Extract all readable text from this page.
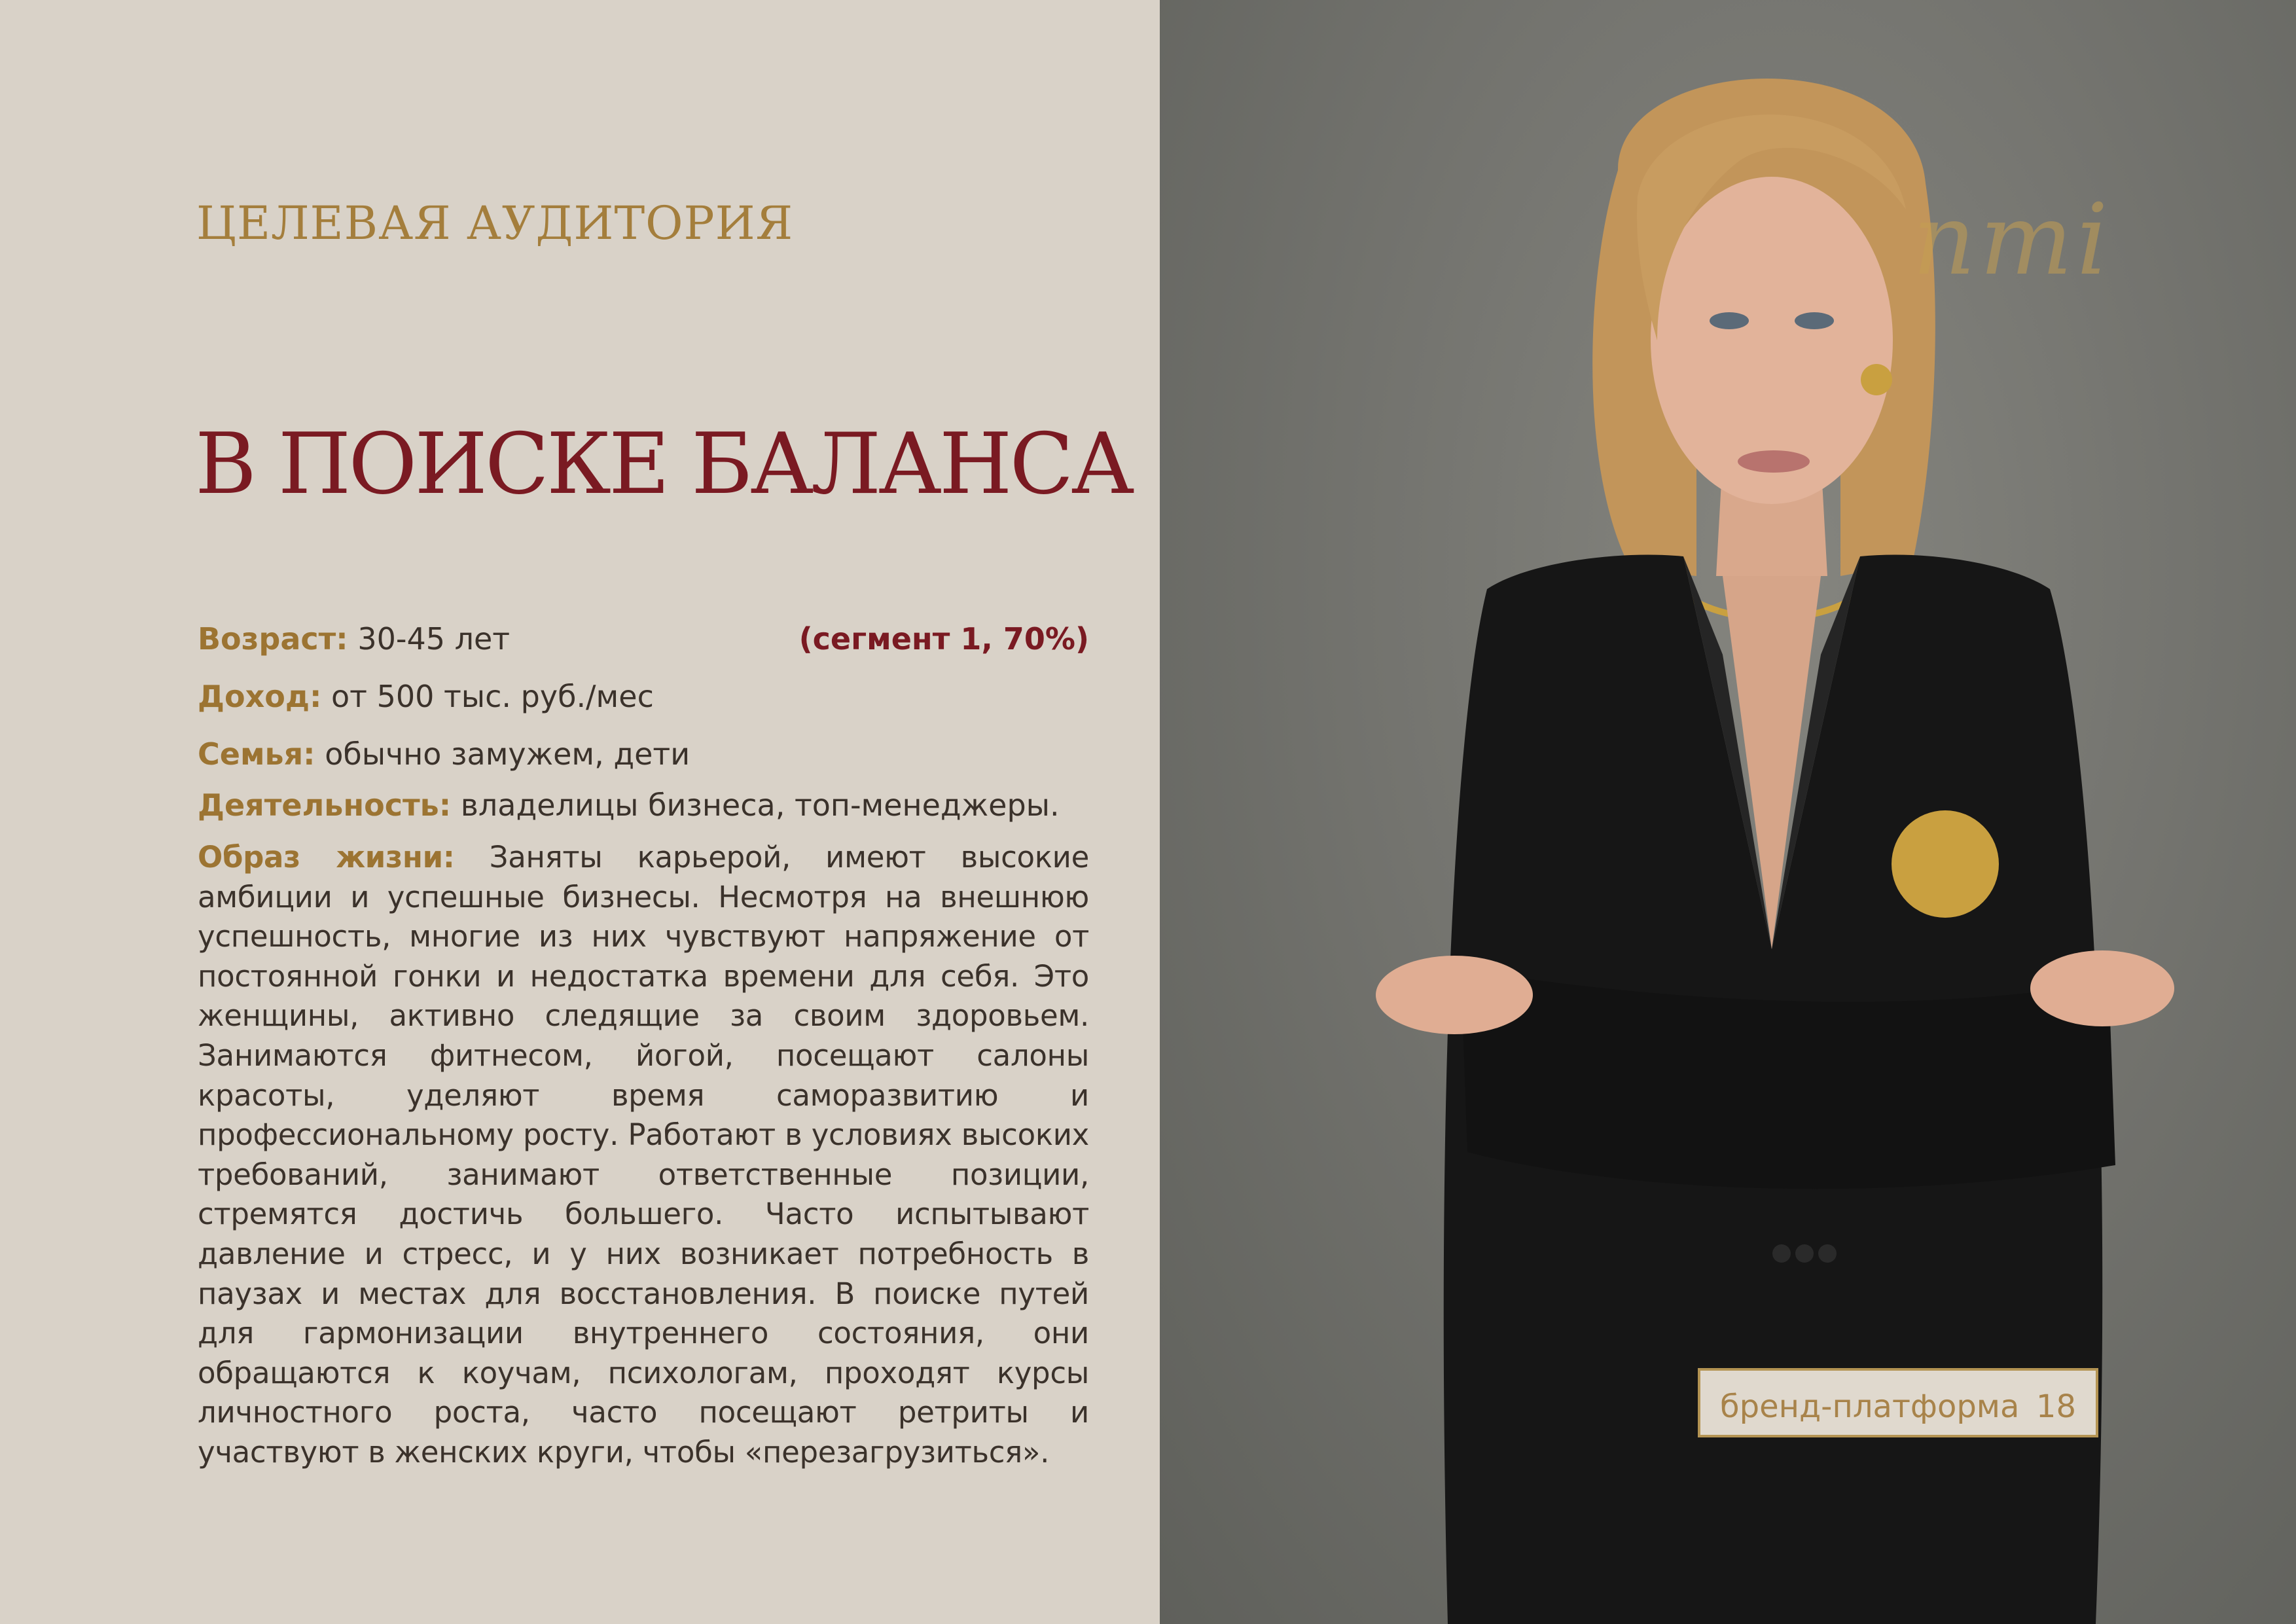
ЦЕЛЕВАЯ АУДИТОРИЯ
В ПОИСКЕ БАЛАНСА
Возраст: 30-45 лет	(сегмент 1, 70%)
Доход: от 500 тыс. руб./мес
Семья: обычно замужем, дети
Деятельность: владелицы бизнеса, топ-менеджеры.

Образ жизни: Заняты карьерой, имеют высокие амбиции и успешные бизнесы. Несмотря на внешнюю успешность, многие из них чувствуют напряжение от постоянной гонки и недостатка времени для себя. Это женщины, активно следящие за своим здоровьем. Занимаются фитнесом, йогой, посещают салоны красоты, уделяют время саморазвитию и профессиональному росту. Работают в условиях высоких требований, занимают ответственные позиции, стремятся достичь большего. Часто испытывают давление и стресс, и у них возникает потребность в паузах и местах для восстановления. В поиске путей для гармонизации внутреннего состояния, они обращаются к коучам, психологам, проходят курсы личностного роста, часто посещают ретриты и участвуют в женских круги, чтобы «перезагрузиться».

nmi
бренд-платформа 18
